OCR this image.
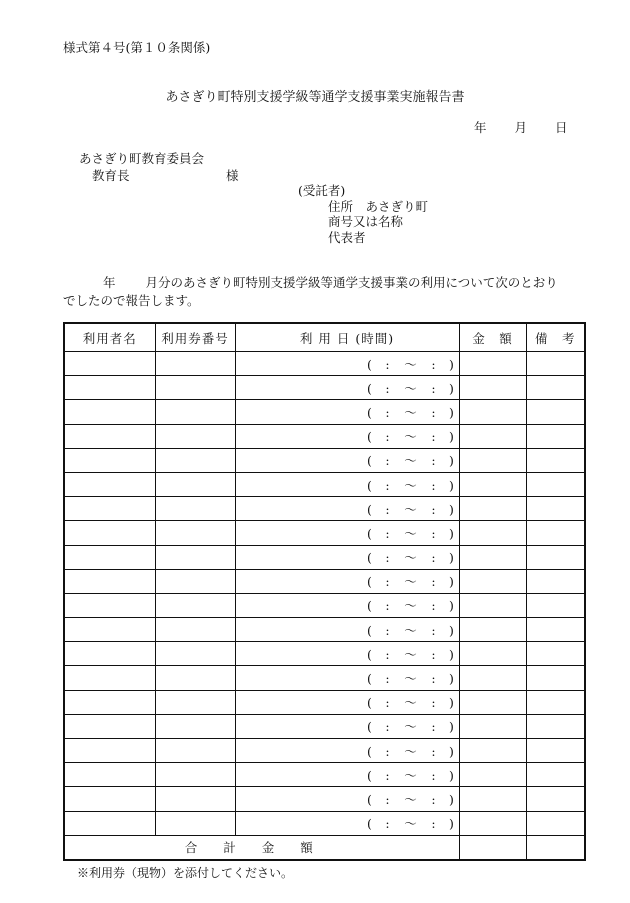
様式第４号(第１０条関係)
あさぎり町特別支援学級等通学支援事業実施報告書
年 月 日
あさぎり町教育委員会
教育長	様
(受託者)
住所　あさぎり町
商号又は名称
代表者
年 月分のあさぎり町特別支援学級等通学支援事業の利用について次のとおりでしたので報告します。
利用者名	利用券番号	利 用 日 (時間)	金　額	備　考
		( : 〜 : )		
		( : 〜 : )		
		( : 〜 : )		
		( : 〜 : )		
		( : 〜 : )		
		( : 〜 : )		
		( : 〜 : )		
		( : 〜 : )		
		( : 〜 : )		
		( : 〜 : )		
		( : 〜 : )		
		( : 〜 : )		
		( : 〜 : )		
		( : 〜 : )		
		( : 〜 : )		
		( : 〜 : )		
		( : 〜 : )		
		( : 〜 : )		
		( : 〜 : )		
		( : 〜 : )		
合計金額				
※利用券（現物）を添付してください。
